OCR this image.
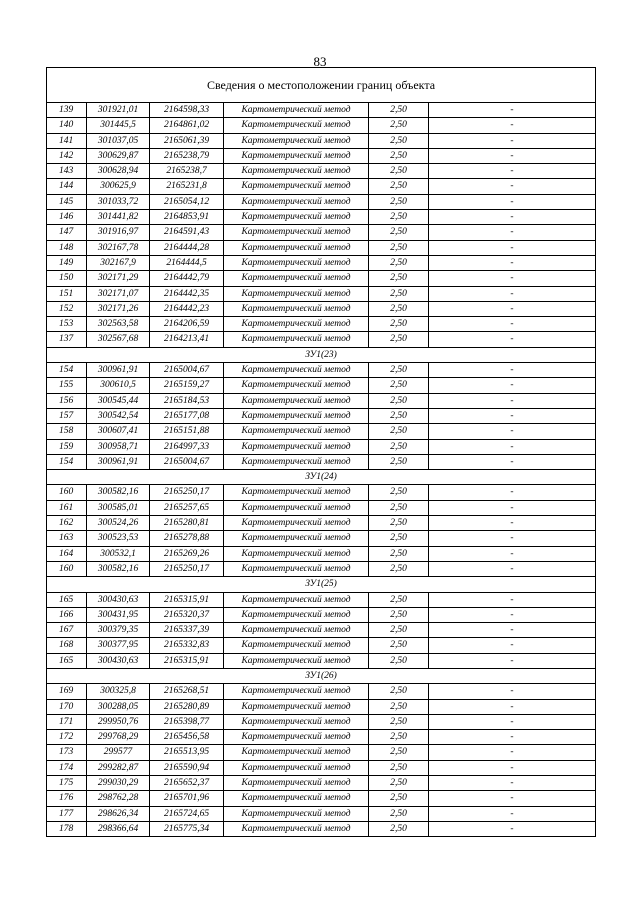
83
Сведения о местоположении границ объекта					
139	301921,01	2164598,33	Картометрический метод	2,50	-
140	301445,5	2164861,02	Картометрический метод	2,50	-
141	301037,05	2165061,39	Картометрический метод	2,50	-
142	300629,87	2165238,79	Картометрический метод	2,50	-
143	300628,94	2165238,7	Картометрический метод	2,50	-
144	300625,9	2165231,8	Картометрический метод	2,50	-
145	301033,72	2165054,12	Картометрический метод	2,50	-
146	301441,82	2164853,91	Картометрический метод	2,50	-
147	301916,97	2164591,43	Картометрический метод	2,50	-
148	302167,78	2164444,28	Картометрический метод	2,50	-
149	302167,9	2164444,5	Картометрический метод	2,50	-
150	302171,29	2164442,79	Картометрический метод	2,50	-
151	302171,07	2164442,35	Картометрический метод	2,50	-
152	302171,26	2164442,23	Картометрический метод	2,50	-
153	302563,58	2164206,59	Картометрический метод	2,50	-
137	302567,68	2164213,41	Картометрический метод	2,50	-
ЗУ1(23)					
154	300961,91	2165004,67	Картометрический метод	2,50	-
155	300610,5	2165159,27	Картометрический метод	2,50	-
156	300545,44	2165184,53	Картометрический метод	2,50	-
157	300542,54	2165177,08	Картометрический метод	2,50	-
158	300607,41	2165151,88	Картометрический метод	2,50	-
159	300958,71	2164997,33	Картометрический метод	2,50	-
154	300961,91	2165004,67	Картометрический метод	2,50	-
ЗУ1(24)					
160	300582,16	2165250,17	Картометрический метод	2,50	-
161	300585,01	2165257,65	Картометрический метод	2,50	-
162	300524,26	2165280,81	Картометрический метод	2,50	-
163	300523,53	2165278,88	Картометрический метод	2,50	-
164	300532,1	2165269,26	Картометрический метод	2,50	-
160	300582,16	2165250,17	Картометрический метод	2,50	-
ЗУ1(25)					
165	300430,63	2165315,91	Картометрический метод	2,50	-
166	300431,95	2165320,37	Картометрический метод	2,50	-
167	300379,35	2165337,39	Картометрический метод	2,50	-
168	300377,95	2165332,83	Картометрический метод	2,50	-
165	300430,63	2165315,91	Картометрический метод	2,50	-
ЗУ1(26)					
169	300325,8	2165268,51	Картометрический метод	2,50	-
170	300288,05	2165280,89	Картометрический метод	2,50	-
171	299950,76	2165398,77	Картометрический метод	2,50	-
172	299768,29	2165456,58	Картометрический метод	2,50	-
173	299577	2165513,95	Картометрический метод	2,50	-
174	299282,87	2165590,94	Картометрический метод	2,50	-
175	299030,29	2165652,37	Картометрический метод	2,50	-
176	298762,28	2165701,96	Картометрический метод	2,50	-
177	298626,34	2165724,65	Картометрический метод	2,50	-
178	298366,64	2165775,34	Картометрический метод	2,50	-
